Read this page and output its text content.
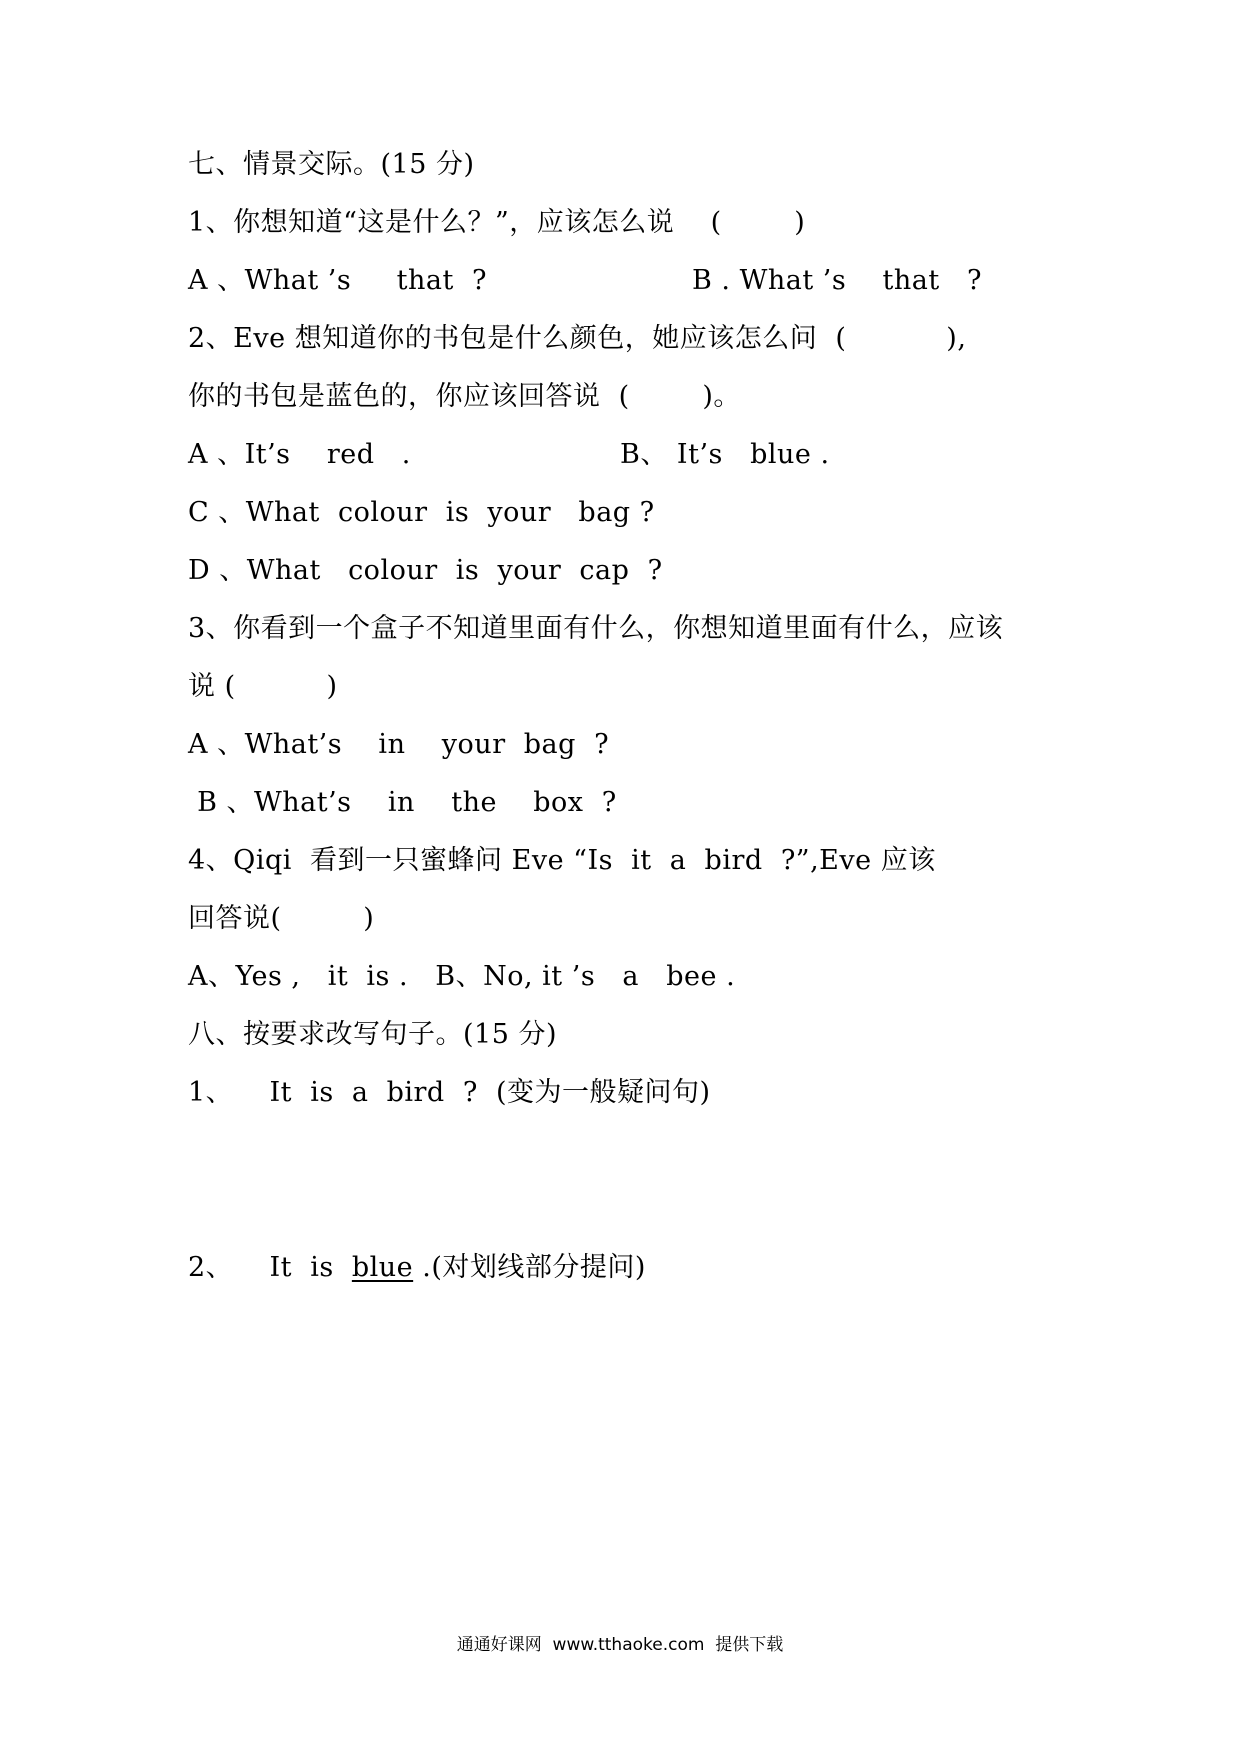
七、情景交际。(15 分)
1、你想知道“这是什么？”，应该怎么说    (        )
A 、What ’s     that  ?	B . What ’s    that   ?
2、Eve 想知道你的书包是什么颜色，她应该怎么问  (           ),
你的书包是蓝色的，你应该回答说  (        )。
A 、It’s    red   .	B、 It’s   blue .
C 、What  colour  is  your   bag ?
D 、What   colour  is  your  cap  ?
3、你看到一个盒子不知道里面有什么，你想知道里面有什么，应该
说 (          )
A 、What’s    in    your  bag  ?
B 、What’s    in    the    box  ?
4、Qiqi  看到一只蜜蜂问 Eve “Is  it  a  bird  ?”,Eve 应该
回答说(         )
A、Yes ,   it  is .   B、No, it ’s   a   bee .
八、按要求改写句子。(15 分)
1、    It  is  a  bird  ?  (变为一般疑问句)
2、    It  is  blue .(对划线部分提问)
通通好课网  www.tthaoke.com  提供下载
